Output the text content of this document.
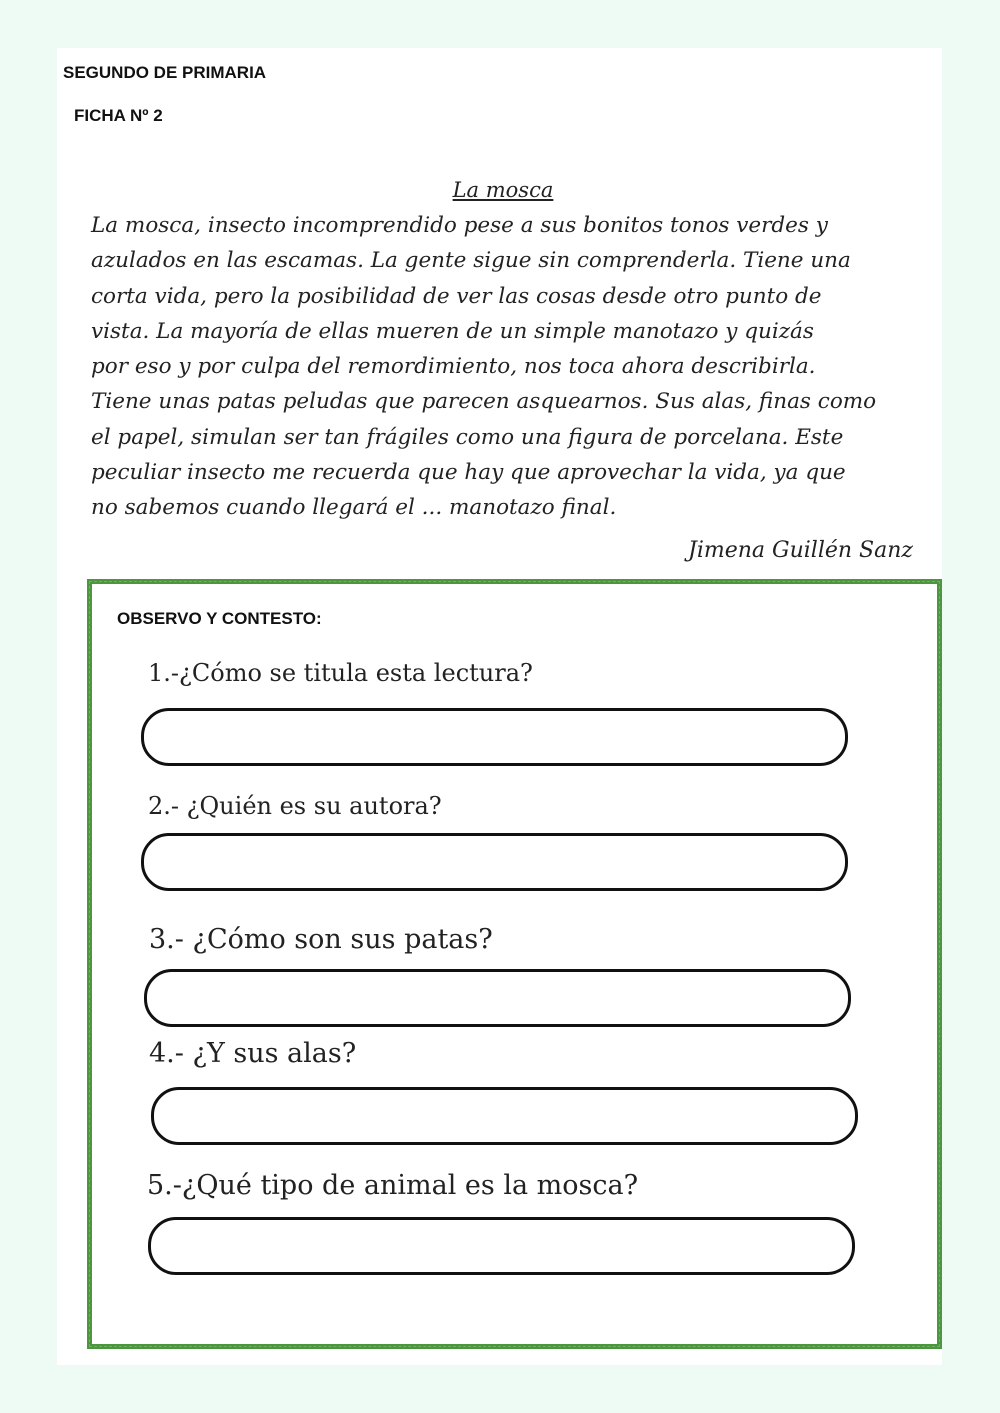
SEGUNDO DE PRIMARIA

FICHA Nº 2

La mosca

La mosca, insecto incomprendido pese a sus bonitos tonos verdes y
azulados en las escamas. La gente sigue sin comprenderla. Tiene una
corta vida, pero la posibilidad de ver las cosas desde otro punto de
vista. La mayoría de ellas mueren de un simple manotazo y quizás
por eso y por culpa del remordimiento, nos toca ahora describirla.
Tiene unas patas peludas que parecen asquearnos. Sus alas, finas como
el papel, simulan ser tan frágiles como una figura de porcelana. Este
peculiar insecto me recuerda que hay que aprovechar la vida, ya que
no sabemos cuando llegará el ... manotazo final.

Jimena Guillén Sanz

OBSERVO Y CONTESTO:

1.-¿Cómo se titula esta lectura?

2.- ¿Quién es su autora?

3.- ¿Cómo son sus patas?

4.- ¿Y sus alas?

5.-¿Qué tipo de animal es la mosca?
